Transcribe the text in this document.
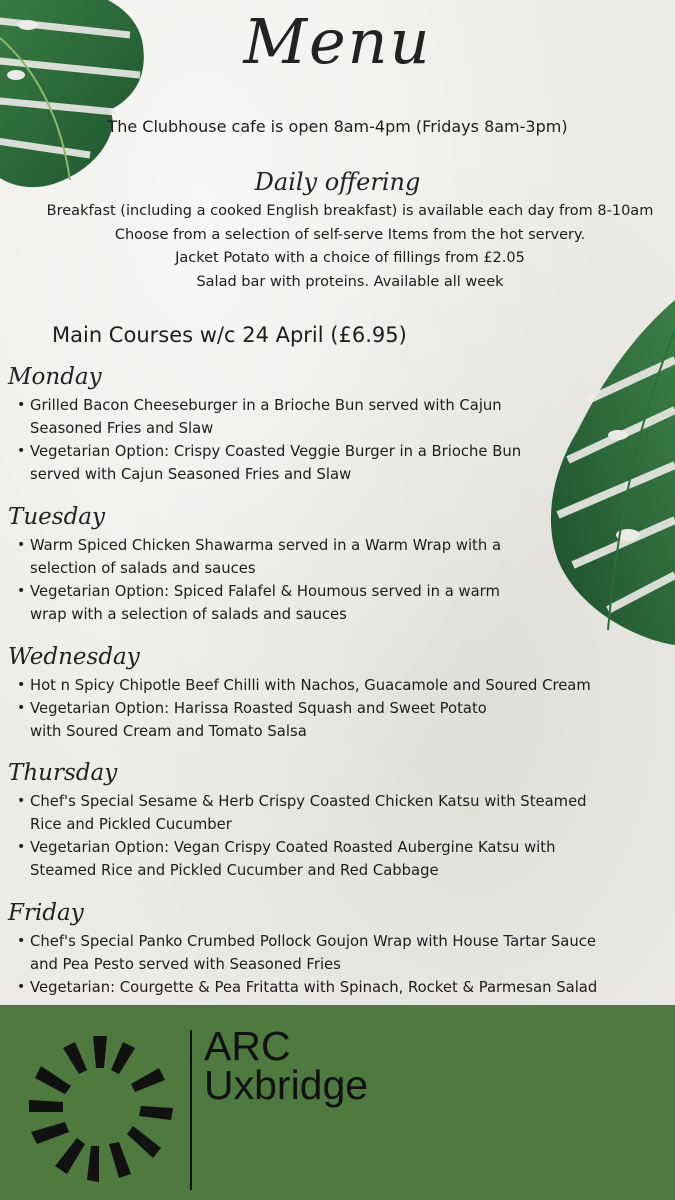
Menu
The Clubhouse cafe is open 8am-4pm (Fridays 8am-3pm)
Daily offering
Breakfast (including a cooked English breakfast) is available each day from 8-10am
Choose from a selection of self-serve Items from the hot servery.
Jacket Potato with a choice of fillings from £2.05
Salad bar with proteins. Available all week
Main Courses w/c 24 April (£6.95)
Monday
• Grilled Bacon Cheeseburger in a Brioche Bun served with Cajun
Seasoned Fries and Slaw
• Vegetarian Option: Crispy Coasted Veggie Burger in a Brioche Bun
served with Cajun Seasoned Fries and Slaw
Tuesday
• Warm Spiced Chicken Shawarma served in a Warm Wrap with a
selection of salads and sauces
• Vegetarian Option: Spiced Falafel & Houmous served in a warm
wrap with a selection of salads and sauces
Wednesday
• Hot n Spicy Chipotle Beef Chilli with Nachos, Guacamole and Soured Cream
• Vegetarian Option: Harissa Roasted Squash and Sweet Potato
with Soured Cream and Tomato Salsa
Thursday
• Chef's Special Sesame & Herb Crispy Coasted Chicken Katsu with Steamed
Rice and Pickled Cucumber
• Vegetarian Option: Vegan Crispy Coated Roasted Aubergine Katsu with
Steamed Rice and Pickled Cucumber and Red Cabbage
Friday
• Chef's Special Panko Crumbed Pollock Goujon Wrap with House Tartar Sauce
and Pea Pesto served with Seasoned Fries
• Vegetarian: Courgette & Pea Fritatta with Spinach, Rocket & Parmesan Salad
ARC
Uxbridge
